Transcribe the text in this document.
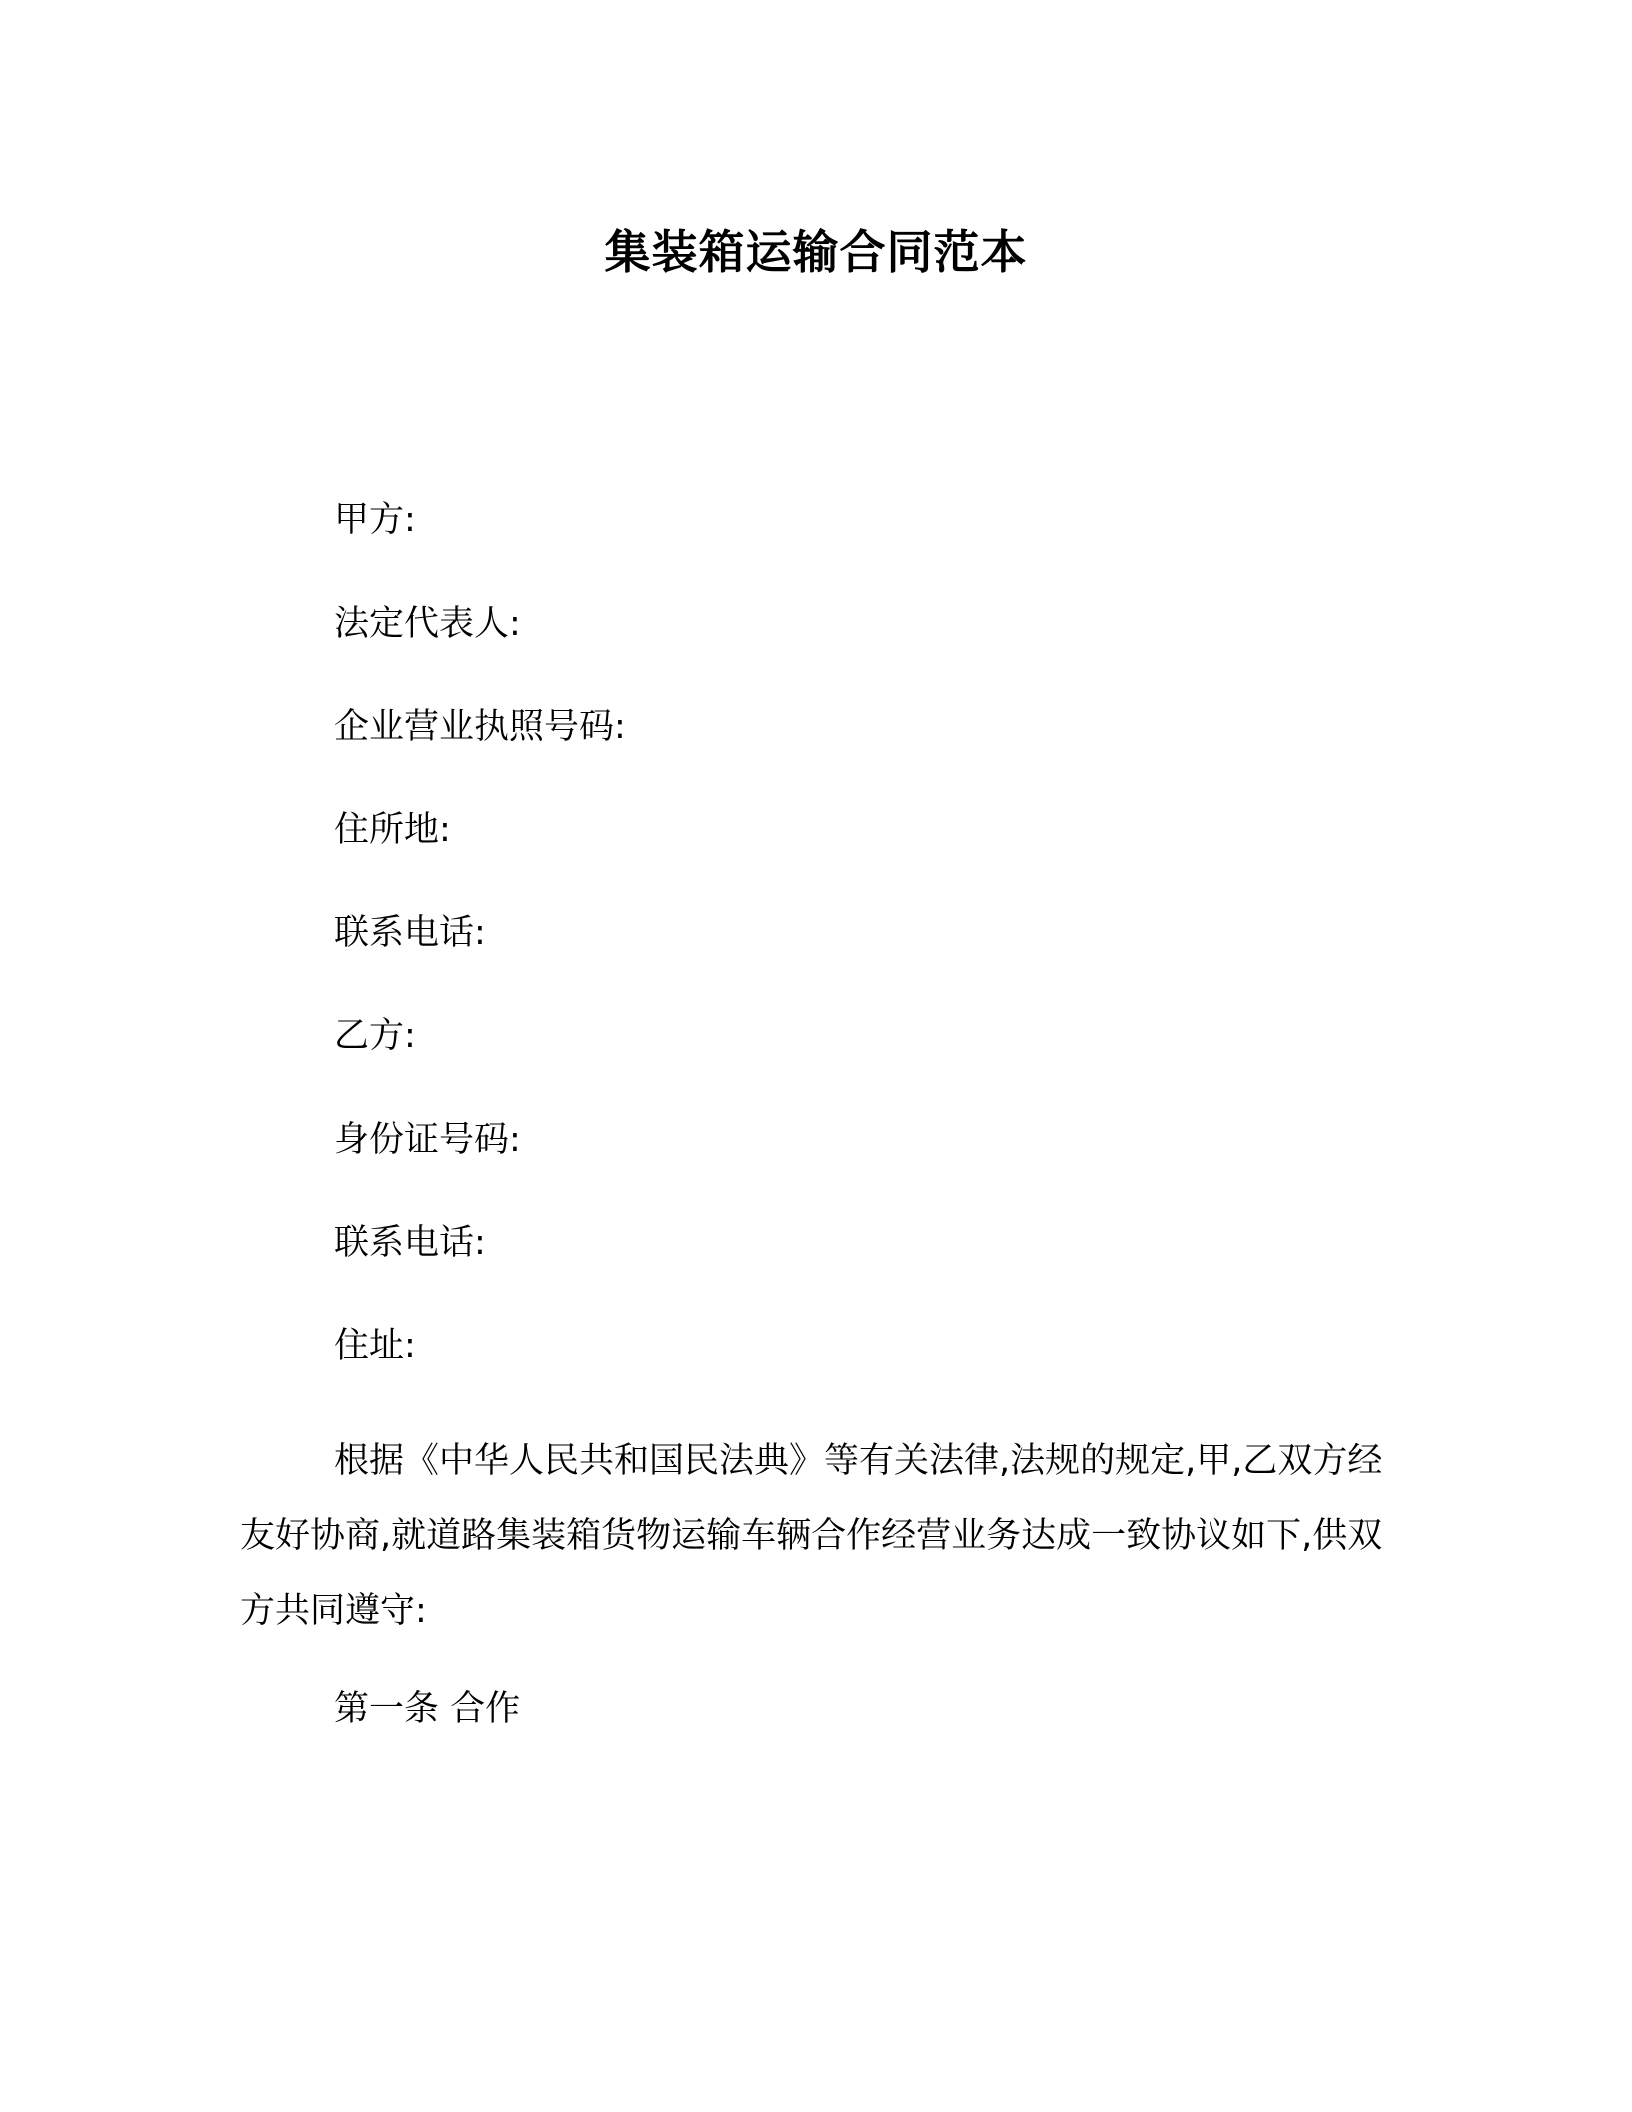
集装箱运输合同范本
甲方:
法定代表人:
企业营业执照号码:
住所地:
联系电话:
乙方:
身份证号码:
联系电话:
住址:

根据《中华人民共和国民法典》等有关法律,法规的规定,甲,乙双方经友好协商,就道路集装箱货物运输车辆合作经营业务达成一致协议如下,供双方共同遵守:

第一条 合作
